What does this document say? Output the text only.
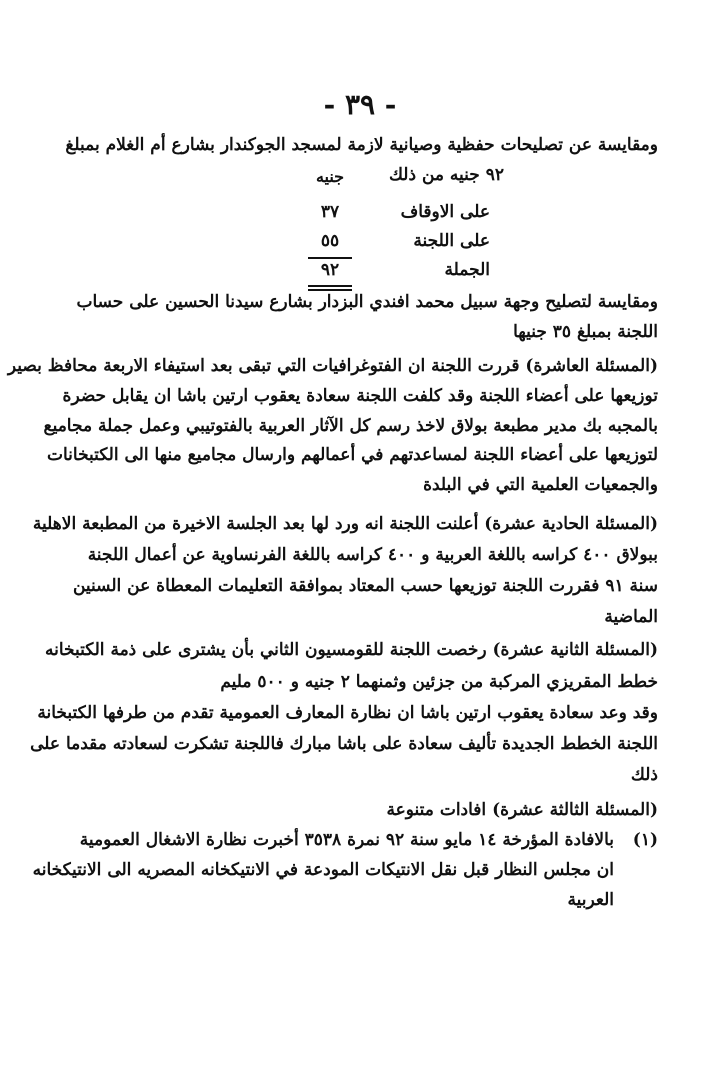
- ٣٩ -
ومقايسة عن تصليحات حفظية وصيانية لازمة لمسجد الجوكندار بشارع أم الغلام بمبلغ
٩٢ جنيه من ذلك
جنيه
على الاوقاف
٣٧
على اللجنة
٥٥
الجملة
٩٢
ومقايسة لتصليح وجهة سبيل محمد افندي البزدار بشارع سيدنا الحسين على حساب
اللجنة بمبلغ ٣٥ جنيها
(المسئلة العاشرة) قررت اللجنة ان الفتوغرافيات التي تبقى بعد استيفاء الاربعة محافظ بصير
توزيعها على أعضاء اللجنة وقد كلفت اللجنة سعادة يعقوب ارتين باشا ان يقابل حضرة
بالمجبه بك مدير مطبعة بولاق لاخذ رسم كل الآثار العربية بالفتوتيبي وعمل جملة مجاميع
لتوزيعها على أعضاء اللجنة لمساعدتهم في أعمالهم وارسال مجاميع منها الى الكتبخانات
والجمعيات العلمية التي في البلدة
(المسئلة الحادية عشرة) أعلنت اللجنة انه ورد لها بعد الجلسة الاخيرة من المطبعة الاهلية
ببولاق ٤٠٠ كراسه باللغة العربية و ٤٠٠ كراسه باللغة الفرنساوية عن أعمال اللجنة
سنة ٩١ فقررت اللجنة توزيعها حسب المعتاد بموافقة التعليمات المعطاة عن السنين
الماضية
(المسئلة الثانية عشرة) رخصت اللجنة للقومسيون الثاني بأن يشترى على ذمة الكتبخانه
خطط المقريزي المركبة من جزئين وثمنهما ٢ جنيه و ٥٠٠ مليم
وقد وعد سعادة يعقوب ارتين باشا ان نظارة المعارف العمومية تقدم من طرفها الكتبخانة
اللجنة الخطط الجديدة تأليف سعادة على باشا مبارك فاللجنة تشكرت لسعادته مقدما على
ذلك
(المسئلة الثالثة عشرة) افادات متنوعة
(١)
بالافادة المؤرخة ١٤ مايو سنة ٩٢ نمرة ٣٥٣٨ أخبرت نظارة الاشغال العمومية
ان مجلس النظار قبل نقل الانتيكات المودعة في الانتيكخانه المصريه الى الانتيكخانه
العربية
